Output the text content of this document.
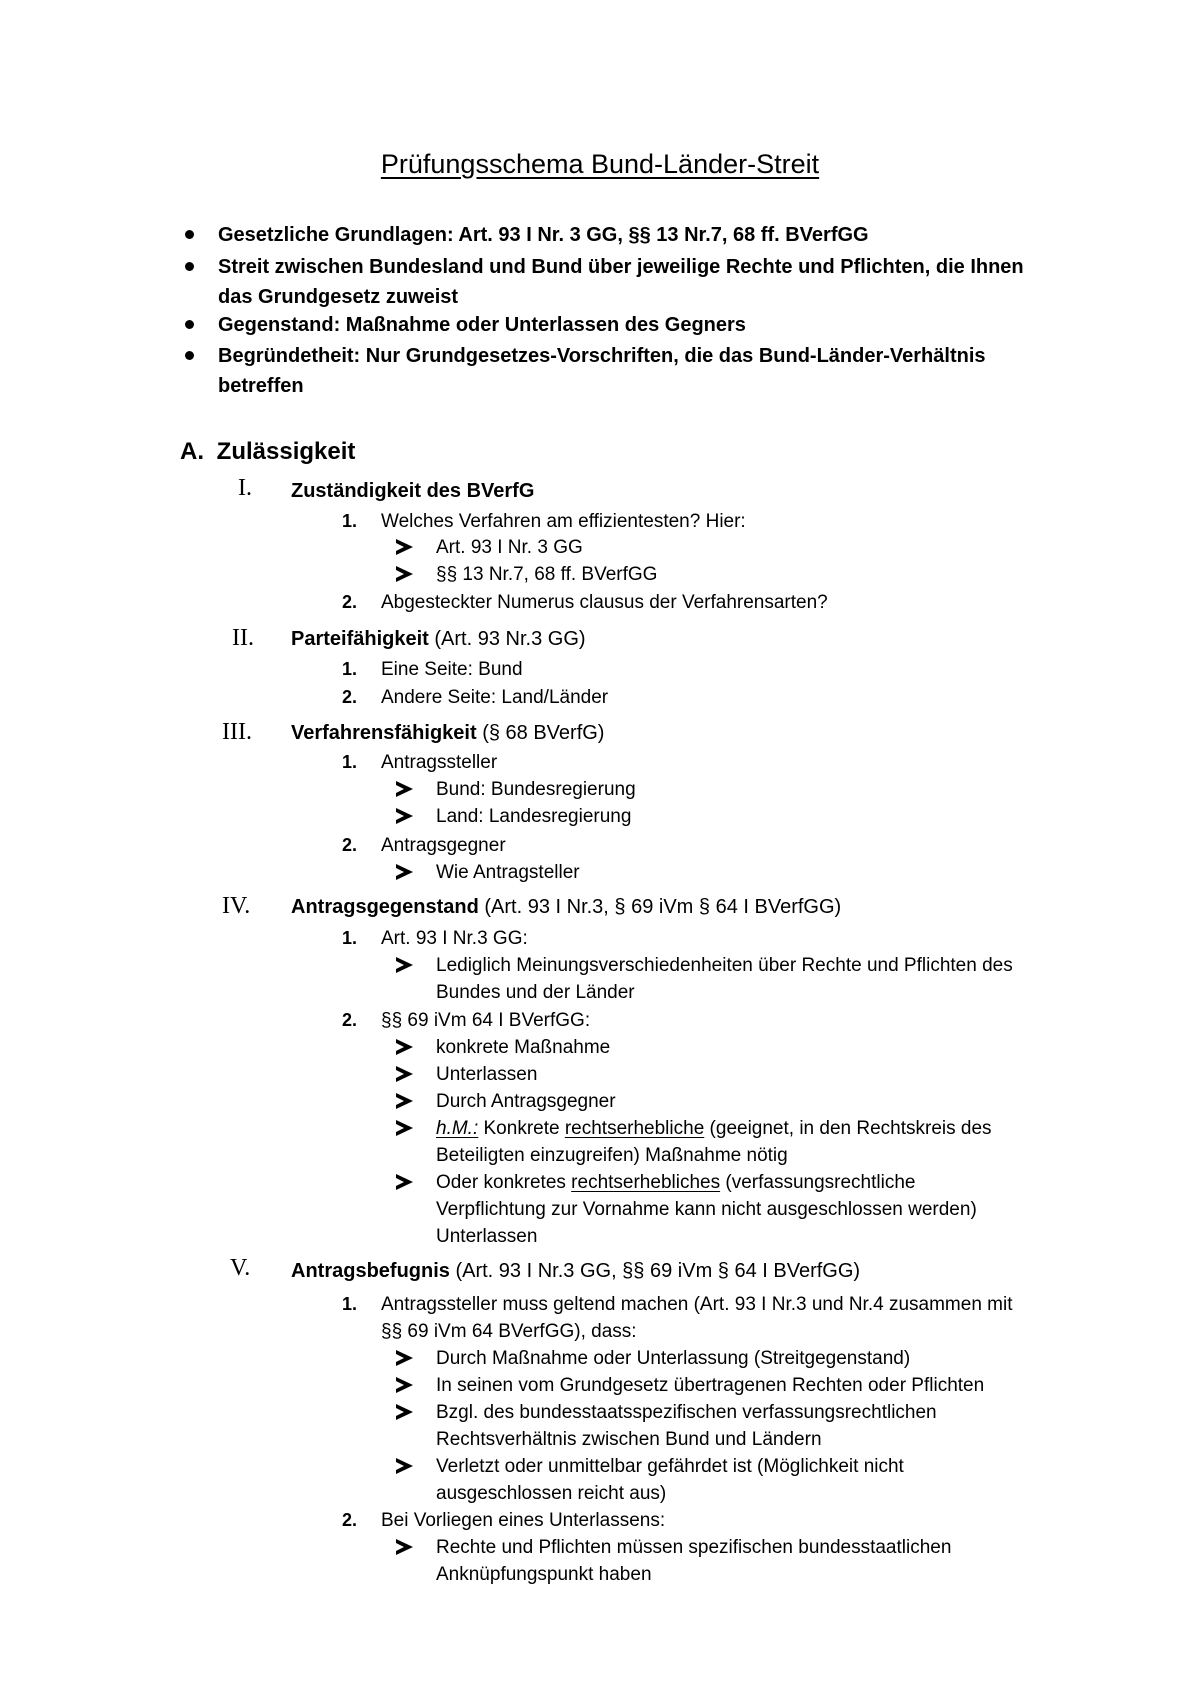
Prüfungsschema Bund-Länder-Streit
Gesetzliche Grundlagen: Art. 93 I Nr. 3 GG, §§ 13 Nr.7, 68 ff. BVerfGG
Streit zwischen Bundesland und Bund über jeweilige Rechte und Pflichten, die Ihnen
das Grundgesetz zuweist
Gegenstand: Maßnahme oder Unterlassen des Gegners
Begründetheit: Nur Grundgesetzes-Vorschriften, die das Bund-Länder-Verhältnis
betreffen
A. Zulässigkeit
I. Zuständigkeit des BVerfG
1. Welches Verfahren am effizientesten? Hier:
Art. 93 I Nr. 3 GG
§§ 13 Nr.7, 68 ff. BVerfGG
2. Abgesteckter Numerus clausus der Verfahrensarten?
II. Parteifähigkeit (Art. 93 Nr.3 GG)
1. Eine Seite: Bund
2. Andere Seite: Land/Länder
III. Verfahrensfähigkeit (§ 68 BVerfG)
1. Antragssteller
Bund: Bundesregierung
Land: Landesregierung
2. Antragsgegner
Wie Antragsteller
IV. Antragsgegenstand (Art. 93 I Nr.3, § 69 iVm § 64 I BVerfGG)
1. Art. 93 I Nr.3 GG:
Lediglich Meinungsverschiedenheiten über Rechte und Pflichten des
Bundes und der Länder
2. §§ 69 iVm 64 I BVerfGG:
konkrete Maßnahme
Unterlassen
Durch Antragsgegner
h.M.: Konkrete rechtserhebliche (geeignet, in den Rechtskreis des
Beteiligten einzugreifen) Maßnahme nötig
Oder konkretes rechtserhebliches (verfassungsrechtliche
Verpflichtung zur Vornahme kann nicht ausgeschlossen werden)
Unterlassen
V. Antragsbefugnis (Art. 93 I Nr.3 GG, §§ 69 iVm § 64 I BVerfGG)
1. Antragssteller muss geltend machen (Art. 93 I Nr.3 und Nr.4 zusammen mit
§§ 69 iVm 64 BVerfGG), dass:
Durch Maßnahme oder Unterlassung (Streitgegenstand)
In seinen vom Grundgesetz übertragenen Rechten oder Pflichten
Bzgl. des bundesstaatsspezifischen verfassungsrechtlichen
Rechtsverhältnis zwischen Bund und Ländern
Verletzt oder unmittelbar gefährdet ist (Möglichkeit nicht
ausgeschlossen reicht aus)
2. Bei Vorliegen eines Unterlassens:
Rechte und Pflichten müssen spezifischen bundesstaatlichen
Anknüpfungspunkt haben
